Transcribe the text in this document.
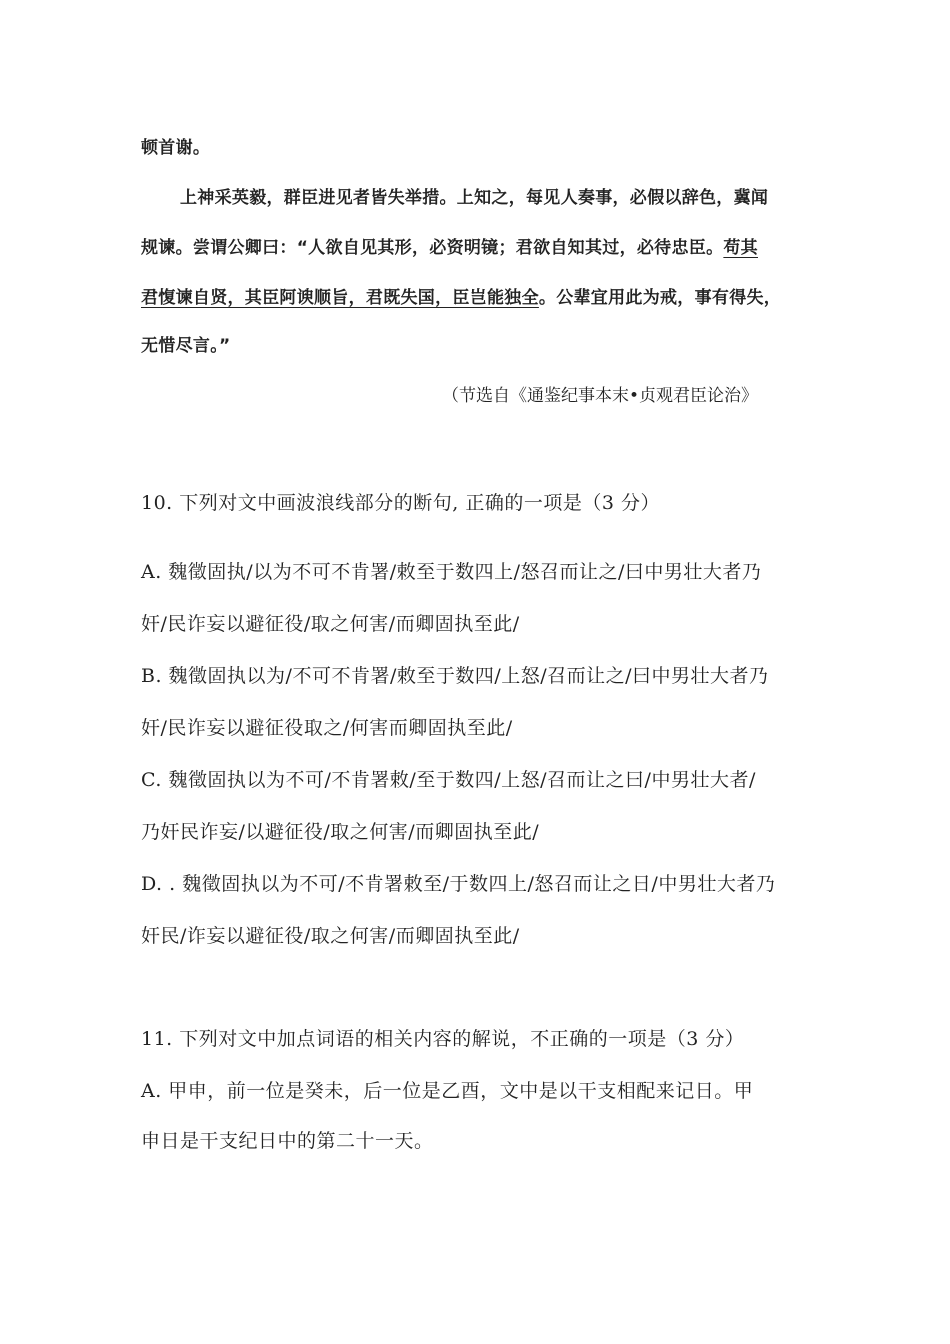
顿首谢。
上神采英毅，群臣进见者皆失举措。上知之，每见人奏事，必假以辞色，冀闻
规谏。尝谓公卿曰：“人欲自见其形，必资明镜；君欲自知其过，必待忠臣。苟其
君愎谏自贤，其臣阿谀顺旨，君既失国，臣岂能独全。公辈宜用此为戒，事有得失，
无惜尽言。”
（节选自《通鉴纪事本末•贞观君臣论治》
10. 下列对文中画波浪线部分的断句, 正确的一项是（3 分）
A. 魏徵固执/以为不可不肯署/敕至于数四上/怒召而让之/曰中男壮大者乃
奸/民诈妄以避征役/取之何害/而卿固执至此/
B. 魏徵固执以为/不可不肯署/敕至于数四/上怒/召而让之/曰中男壮大者乃
奸/民诈妄以避征役取之/何害而卿固执至此/
C. 魏徵固执以为不可/不肯署敕/至于数四/上怒/召而让之曰/中男壮大者/
乃奸民诈妄/以避征役/取之何害/而卿固执至此/
D. . 魏徵固执以为不可/不肯署敕至/于数四上/怒召而让之日/中男壮大者乃
奸民/诈妄以避征役/取之何害/而卿固执至此/
11. 下列对文中加点词语的相关内容的解说，不正确的一项是（3 分）
A. 甲申，前一位是癸未，后一位是乙酉，文中是以干支相配来记日。甲
申日是干支纪日中的第二十一天。
